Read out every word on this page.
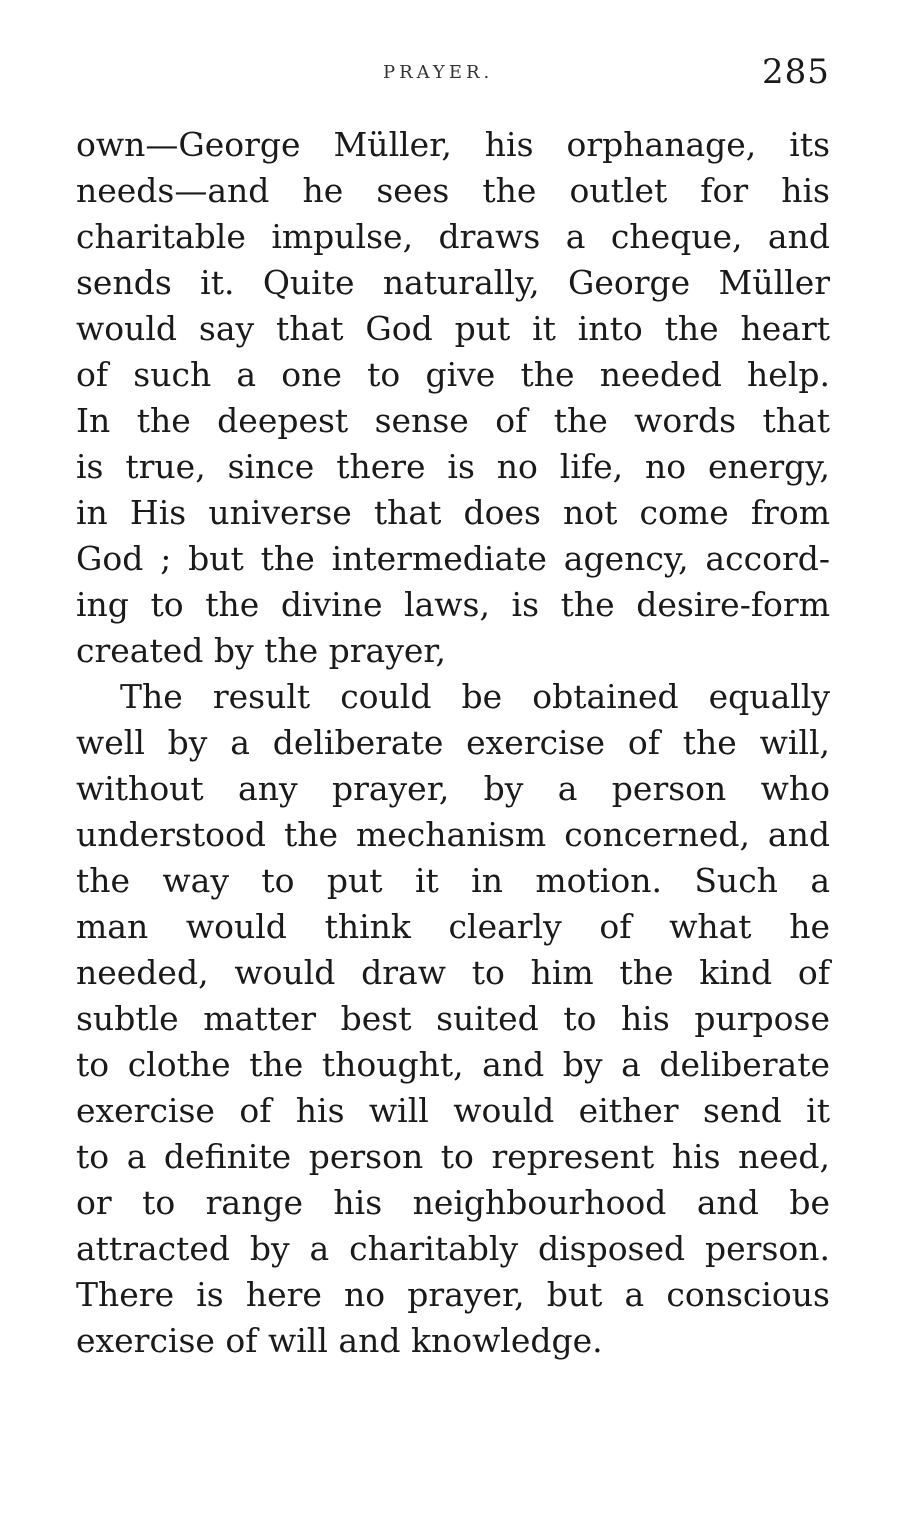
PRAYER.	285
own—George Müller, his orphanage, its
needs—and he sees the outlet for his
charitable impulse, draws a cheque, and
sends it. Quite naturally, George Müller
would say that God put it into the heart
of such a one to give the needed help.
In the deepest sense of the words that
is true, since there is no life, no energy,
in His universe that does not come from
God ; but the intermediate agency, accord-
ing to the divine laws, is the desire-form
created by the prayer,
The result could be obtained equally
well by a deliberate exercise of the will,
without any prayer, by a person who
understood the mechanism concerned, and
the way to put it in motion. Such a
man would think clearly of what he
needed, would draw to him the kind of
subtle matter best suited to his purpose
to clothe the thought, and by a deliberate
exercise of his will would either send it
to a definite person to represent his need,
or to range his neighbourhood and be
attracted by a charitably disposed person.
There is here no prayer, but a conscious
exercise of will and knowledge.
